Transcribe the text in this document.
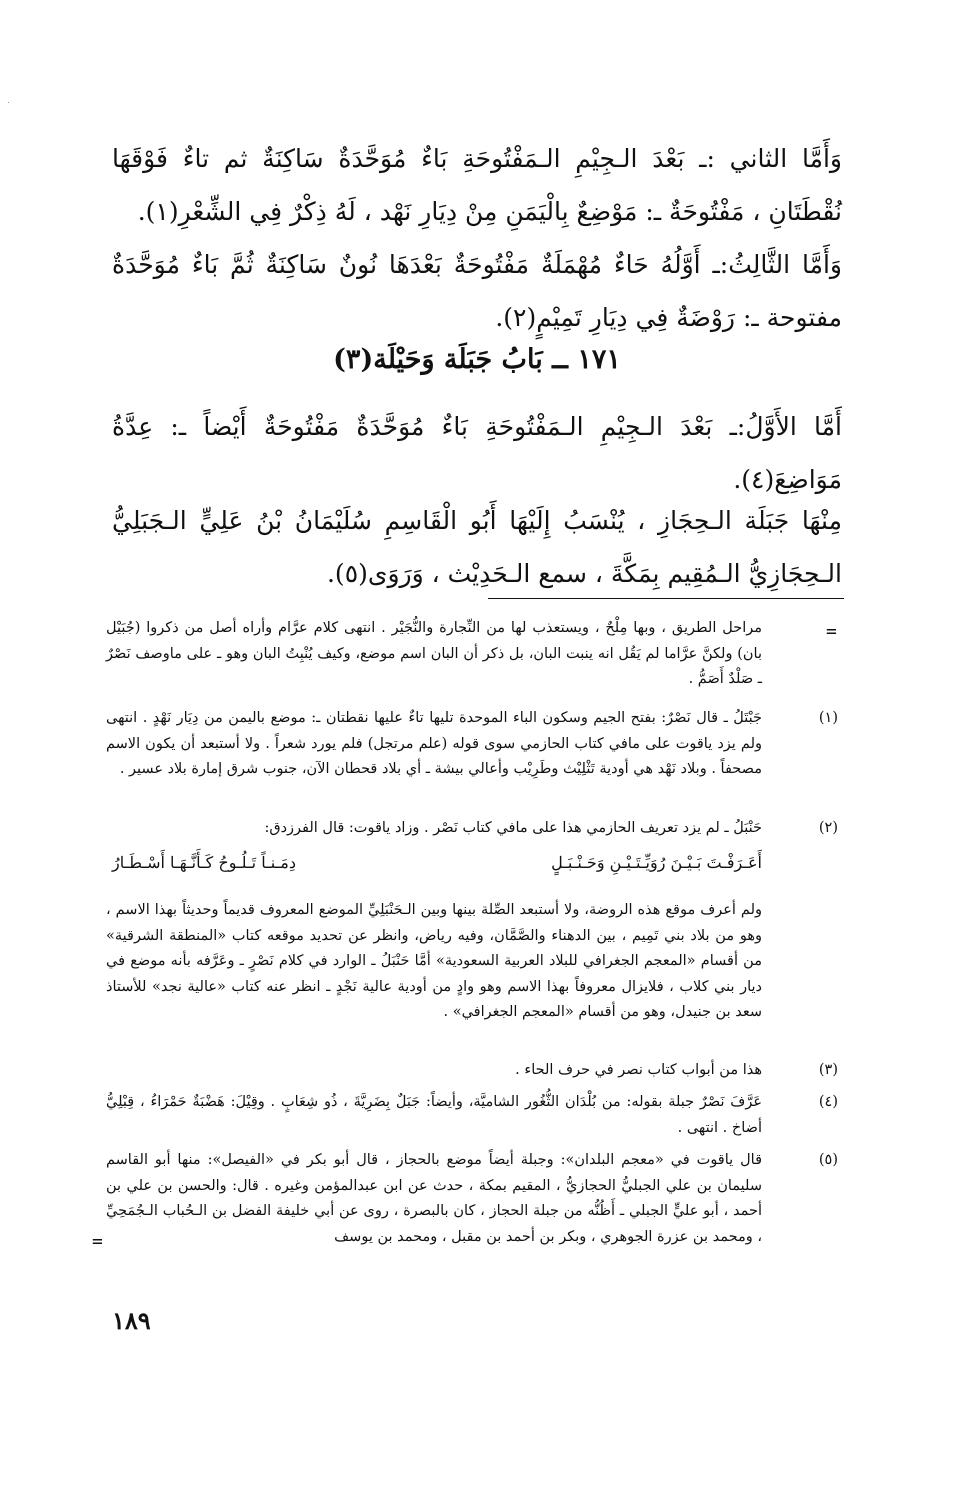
وَأَمَّا الثاني :ـ بَعْدَ الـجِيْمِ الـمَفْتُوحَةِ بَاءٌ مُوَحَّدَةٌ سَاكِنَةٌ ثم تاءٌ فَوْقَهَا نُقْطَتَانِ ، مَفْتُوحَةٌ ـ: مَوْضِعٌ بِالْيَمَنِ مِنْ دِيَارِ نَهْد ، لَهُ ذِكْرٌ فِي الشِّعْرِ(١).

وَأَمَّا الثَّالِثُ:ـ أَوَّلُهُ حَاءٌ مُهْمَلَةٌ مَفْتُوحَةٌ بَعْدَهَا نُونٌ سَاكِنَةٌ ثُمَّ بَاءٌ مُوَحَّدَةٌ مفتوحة ـ: رَوْضَةٌ فِي دِيَارِ تَمِيْمٍ(٢).

١٧١ ــ بَابُ جَبَلَة وَحَيْلَة(٣)

أَمَّا الأَوَّلُ:ـ بَعْدَ الـجِيْمِ الـمَفْتُوحَةِ بَاءٌ مُوَحَّدَةٌ مَفْتُوحَةٌ أَيْضاً ـ: عِدَّةُ مَوَاضِعَ(٤).

مِنْهَا جَبَلَة الـحِجَازِ ، يُنْسَبُ إِلَيْهَا أَبُو الْقَاسِمِ سُلَيْمَانُ بْنُ عَلِيٍّ الـجَبَلِيُّ الـحِجَازِيُّ الـمُقِيم بِمَكَّةَ ، سمع الـحَدِيْث ، وَرَوَى(٥).

=

مراحل الطريق ، وبها مِلْحٌ ، ويستعذب لها من النِّجارة والنُّجَيْر . انتهى كلام عرَّام وأراه أصل من ذكروا (جُبَيْل بان) ولكنَّ عرَّاما لم يَقُل انه ينبت البان، بل ذكر أن البان اسم موضع، وكيف يُنْبِتُ البان وهو ـ على ماوصف نَصْرٌ ـ صَلْدٌ أَصَمُّ .

(١)

جَبْتَلُ ـ قال نَصْرٌ: بفتح الجيم وسكون الباء الموحدة تليها تاءٌ عليها نقطتان ـ: موضع باليمن من دِيَار نَهْدٍ . انتهى ولم يزد ياقوت على مافي كتاب الحازمي سوى قوله (علم مرتجل) فلم يورد شعراً . ولا أستبعد أن يكون الاسم مصحفاً . وبلاد نَهْد هي أودية تَثْلِيْث وطَرِيْب وأعالي بيشة ـ أي بلاد قحطان الآن، جنوب شرق إمارة بلاد عسير .

(٢)

حَنْبَلُ ـ لم يزد تعريف الحازمي هذا على مافي كتاب نَصْر . وزاد ياقوت: قال الفرزدق:

أَعَـرَفْـتَ بَـيْـنَ رُوَيِّـتَـيْـنِ وَحَـنْـبَـلٍ
دِمَـنـاً تَـلُـوحُ كَـأَنَّـهَـا أَسْـطَـارُ

ولم أعرف موقع هذه الروضة، ولا أستبعد الصِّلة بينها وبين الـحَنْبَلِيِّ الموضع المعروف قديماً وحديثاً بهذا الاسم ، وهو من بلاد بني تَمِيم ، بين الدهناء والصَّمَّان، وفيه رياض، وانظر عن تحديد موقعه كتاب «المنطقة الشرقية» من أقسام «المعجم الجغرافي للبلاد العربية السعودية» أمَّا حَنْبَلُ ـ الوارد في كلام نَصْرٍ ـ وعَرَّفه بأنه موضع في ديار بني كلاب ، فلايزال معروفاً بهذا الاسم وهو وادٍ من أودية عالية نَجْدٍ ـ انظر عنه كتاب «عالية نجد» للأستاذ سعد بن جنيدل، وهو من أقسام «المعجم الجغرافي» .

(٣)

هذا من أبواب كتاب نصر في حرف الحاء .

(٤)

عَرَّفَ نَصْرٌ جبلة بقوله: من بُلْدَان الثُّغُور الشاميَّة، وأيضاً: جَبَلٌ بِضَرِيَّةَ ، ذُو شِعَابٍ . وقِيْلَ: هَضْبَةٌ حَمْرَاءُ ، قِبْلِيُّ أضاخ . انتهى .

(٥)

قال ياقوت في «معجم البلدان»: وجبلة أيضاً موضع بالحجاز ، قال أبو بكر في «الفيصل»: منها أبو القاسم سليمان بن علي الجبليُّ الحجازيُّ ، المقيم بمكة ، حدث عن ابن عبدالمؤمن وغيره . قال: والحسن بن علي بن أحمد ، أبو عليٍّ الجبلي ـ أَظُنُّه من جبلة الحجاز ، كان بالبصرة ، روى عن أبي خليفة الفضل بن الـحُباب الـجُمَحِيِّ ، ومحمد بن عزرة الجوهري ، وبكر بن أحمد بن مقبل ، ومحمد بن يوسف

=
١٨٩
